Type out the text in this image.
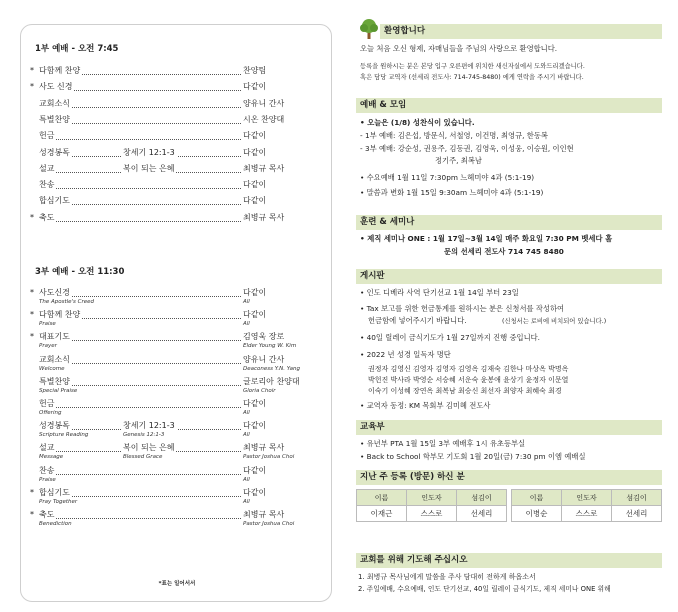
1부 예배 - 오전 7:45
* 다함께 찬양	찬양팀
* 사도 신경	다같이
교회소식	양유니 간사
특별찬양	시온 찬양대
헌금	다같이
성경봉독	창세기 12:1-3	다같이
설교	복이 되는 은혜	최병규 목사
찬송	다같이
합심기도	다같이
* 축도	최병규 목사
3부 예배 - 오전 11:30
* 사도신경	다같이
The Apostle's Creed	All
* 다함께 찬양	다같이
Praise	All
* 대표기도	김영욱 장로
Prayer	Elder Young W. Kim
교회소식	양유니 간사
Welcome	Deaconess Y.N. Yang
특별찬양	글로리아 찬양대
Special Praise	Gloria Choir
헌금	다같이
Offering	All
성경봉독	창세기 12:1-3	다같이
Scripture Reading	Genesis 12:1-3	All
설교	복이 되는 은혜	최병규 목사
Message	Blessed Grace	Pastor Joshua Choi
찬송	다같이
Praise	All
* 합심기도	다같이
Pray Together	All
* 축도	최병규 목사
Benediction	Pastor Joshua Choi
*표는 일어서서
환영합니다
오늘 처음 오신 형제, 자매님들을 주님의 사랑으로 환영합니다.
등록을 원하시는 분은 본당 입구 오른편에 위치한 새신자실에서 도와드리겠습니다.
혹은 담당 교역자 (선세리 전도사: 714-745-8480) 에게 연락을 주시기 바랍니다.
예배 & 모임
• 오늘은 (1/8) 성찬식이 있습니다.
- 1부 예배: 김은섭, 방문식, 서철영, 이건명, 최영규, 한동복
- 3부 예배: 강순성, 권용주, 김동권, 김영욱, 이성웅, 이승원, 이인현
정기주, 최복남
• 수요예배 1월 11일 7:30pm 느헤미야 4과 (5:1-19)
• 말씀과 변화 1월 15일 9:30am 느헤미야 4과 (5:1-19)
훈련 & 세미나
• 제직 세미나 ONE : 1월 17일~3월 14일 매주 화요일 7:30 PM 벳세다 홀
문의 선세리 전도사 714 745 8480
게시판
• 인도 디베라 사역 단기선교 1월 14일 부터 23일
• Tax 보고를 위한 헌금통계를 원하시는 분은 신청서를 작성하여
헌금함에 넣어주시기 바랍니다.	(신청서는 로비에 비치되어 있습니다.)
• 40일 릴레이 금식기도가 1월 27일까지 진행 중입니다.
• 2022 년 성경 일독자 명단
권정자 김영신 김영자 김영자 김영옥 김재숙 김한나 마상옥 박명옥
박헌진 박사라 박영순 서승혜 서운숙 윤봉애 윤상기 윤정자 이문열
이숙기 이성혜 장연옥 최복남 최승신 최선자 최양자 최혜숙 최경
• 교역자 동정: KM 목회부 김미혜 전도사
교육부
• 유년부 PTA 1월 15일 3부 예배후 1시 유초등부실
• Back to School 학부모 기도회 1월 20일(금) 7:30 pm 이엠 예배실
지난 주 등록 (방문) 하신 분
이름	인도자	섬김이
이재근	스스로	선세리
이름	인도자	섬김이
이병순	스스로	선세리
교회를 위해 기도해 주십시오
1. 최병규 목사님에게 말씀을 주사 담대히 전하게 하옵소서
2. 주일예배, 수요예배, 인도 단기선교, 40일 릴레이 금식기도, 제직 세미나 ONE 위해
